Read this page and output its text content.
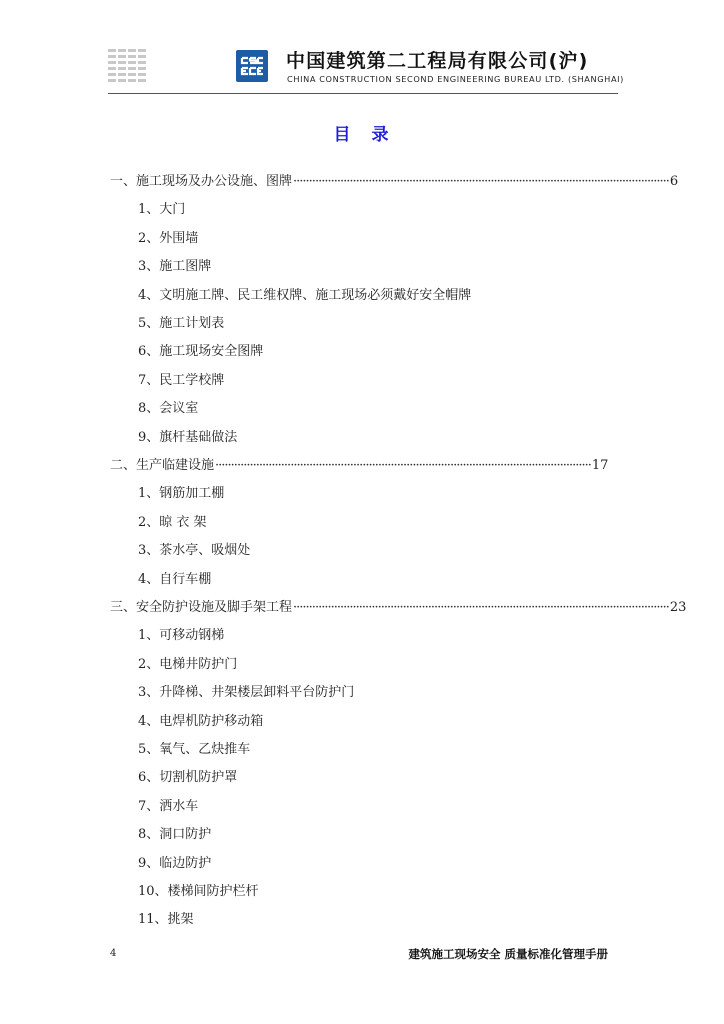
中国建筑第二工程局有限公司(沪)
CHINA CONSTRUCTION SECOND ENGINEERING BUREAU LTD. (SHANGHAI)
目　录
一、施工现场及办公设施、图牌 ························································································································ 6
1、大门
2、外围墙
3、施工图牌
4、文明施工牌、民工维权牌、施工现场必须戴好安全帽牌
5、施工计划表
6、施工现场安全图牌
7、民工学校牌
8、会议室
9、旗杆基础做法
二、生产临建设施 ························································································································ 17
1、钢筋加工棚
2、晾 衣 架
3、茶水亭、吸烟处
4、自行车棚
三、安全防护设施及脚手架工程 ························································································································ 23
1、可移动钢梯
2、电梯井防护门
3、升降梯、井架楼层卸料平台防护门
4、电焊机防护移动箱
5、氧气、乙炔推车
6、切割机防护罩
7、洒水车
8、洞口防护
9、临边防护
10、楼梯间防护栏杆
11、挑架
4	建筑施工现场安全 质量标准化管理手册
